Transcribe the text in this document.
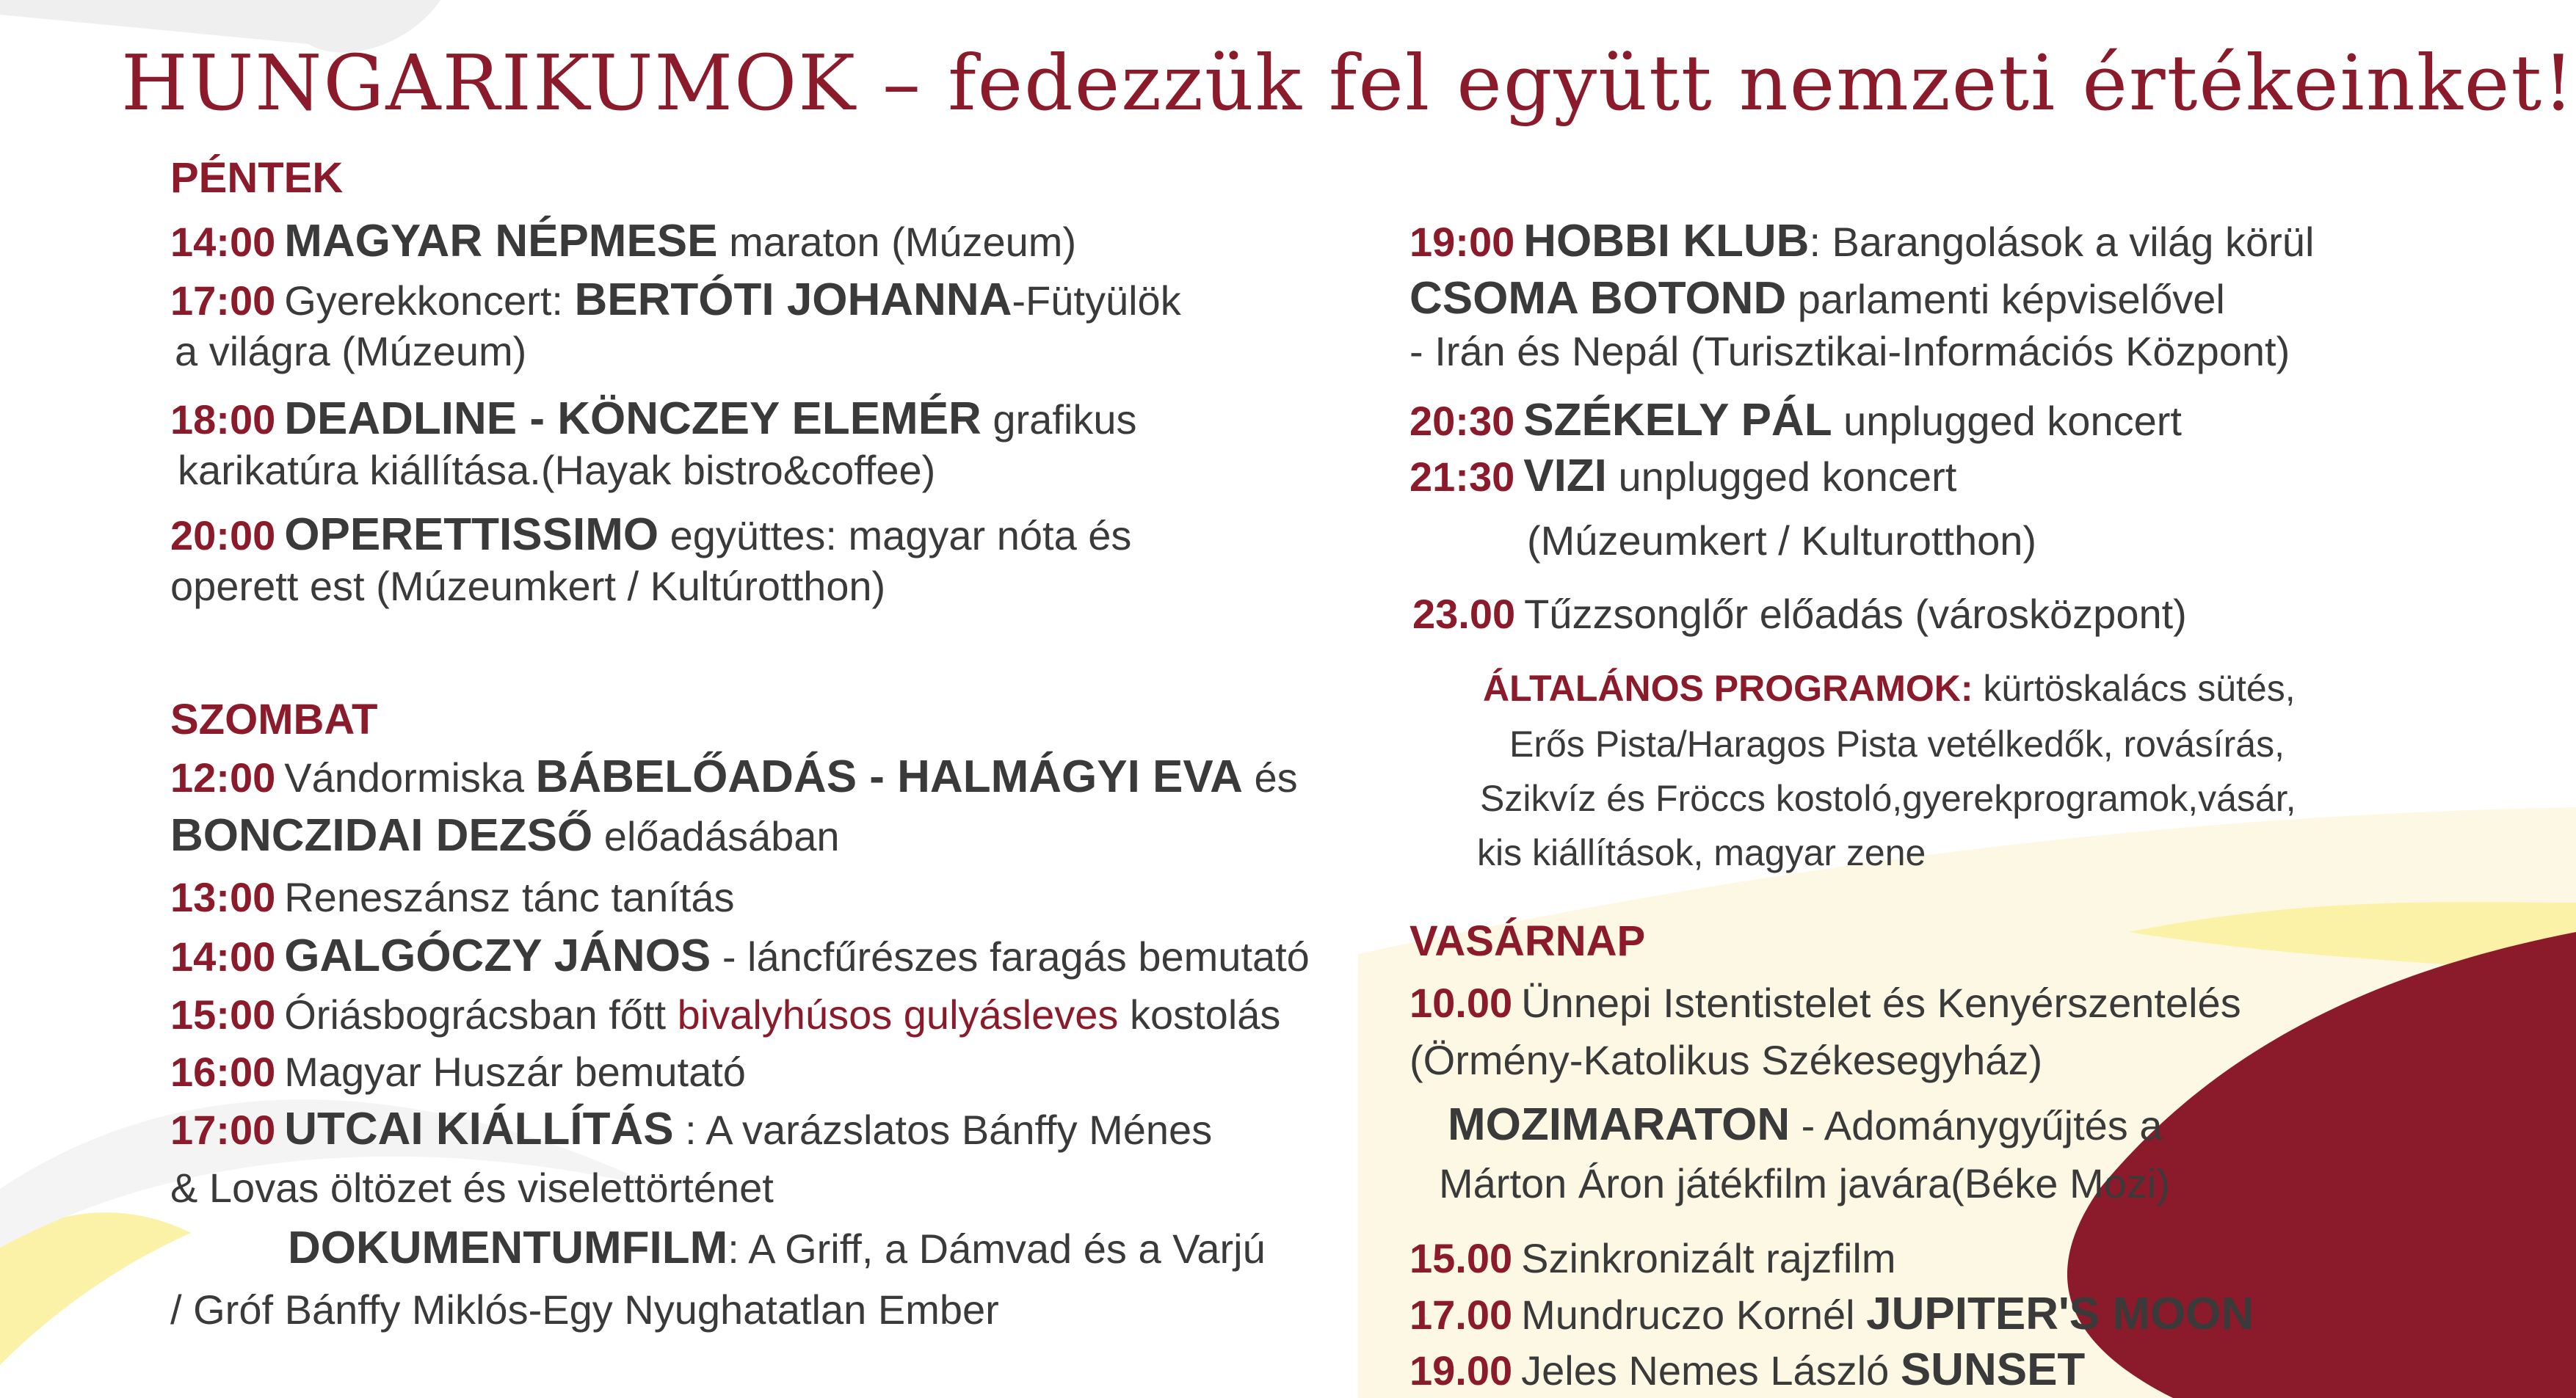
HUNGARIKUMOK – fedezzük fel együtt nemzeti értékeinket!
PÉNTEK
14:00 MAGYAR NÉPMESE maraton (Múzeum)
17:00 Gyerekkoncert: BERTÓTI JOHANNA-Fütyülök
a világra (Múzeum)
18:00 DEADLINE - KÖNCZEY ELEMÉR grafikus
karikatúra kiállítása.(Hayak bistro&coffee)
20:00 OPERETTISSIMO együttes: magyar nóta és
operett est (Múzeumkert / Kultúrotthon)
SZOMBAT
12:00 Vándormiska BÁBELŐADÁS - HALMÁGYI EVA és
BONCZIDAI DEZSŐ előadásában
13:00 Reneszánsz tánc tanítás
14:00 GALGÓCZY JÁNOS - láncfűrészes faragás bemutató
15:00 Óriásbográcsban főtt bivalyhúsos gulyásleves kostolás
16:00 Magyar Huszár bemutató
17:00 UTCAI KIÁLLÍTÁS : A varázslatos Bánffy Ménes
& Lovas öltözet és viselettörténet
DOKUMENTUMFILM: A Griff, a Dámvad és a Varjú
/ Gróf Bánffy Miklós-Egy Nyughatatlan Ember
19:00 HOBBI KLUB: Barangolások a világ körül
CSOMA BOTOND parlamenti képviselővel
- Irán és Nepál (Turisztikai-Információs Központ)
20:30 SZÉKELY PÁL unplugged koncert
21:30 VIZI unplugged koncert
(Múzeumkert / Kulturotthon)
23.00 Tűzzsonglőr előadás (városközpont)
ÁLTALÁNOS PROGRAMOK: kürtöskalács sütés,
Erős Pista/Haragos Pista vetélkedők, rovásírás,
Szikvíz és Fröccs kostoló,gyerekprogramok,vásár,
kis kiállítások, magyar zene
VASÁRNAP
10.00 Ünnepi Istentistelet és Kenyérszentelés
(Örmény-Katolikus Székesegyház)
MOZIMARATON - Adománygyűjtés a
Márton Áron játékfilm javára(Béke Mozi)
15.00 Szinkronizált rajzfilm
17.00 Mundruczo Kornél JUPITER'S MOON
19.00 Jeles Nemes László SUNSET
